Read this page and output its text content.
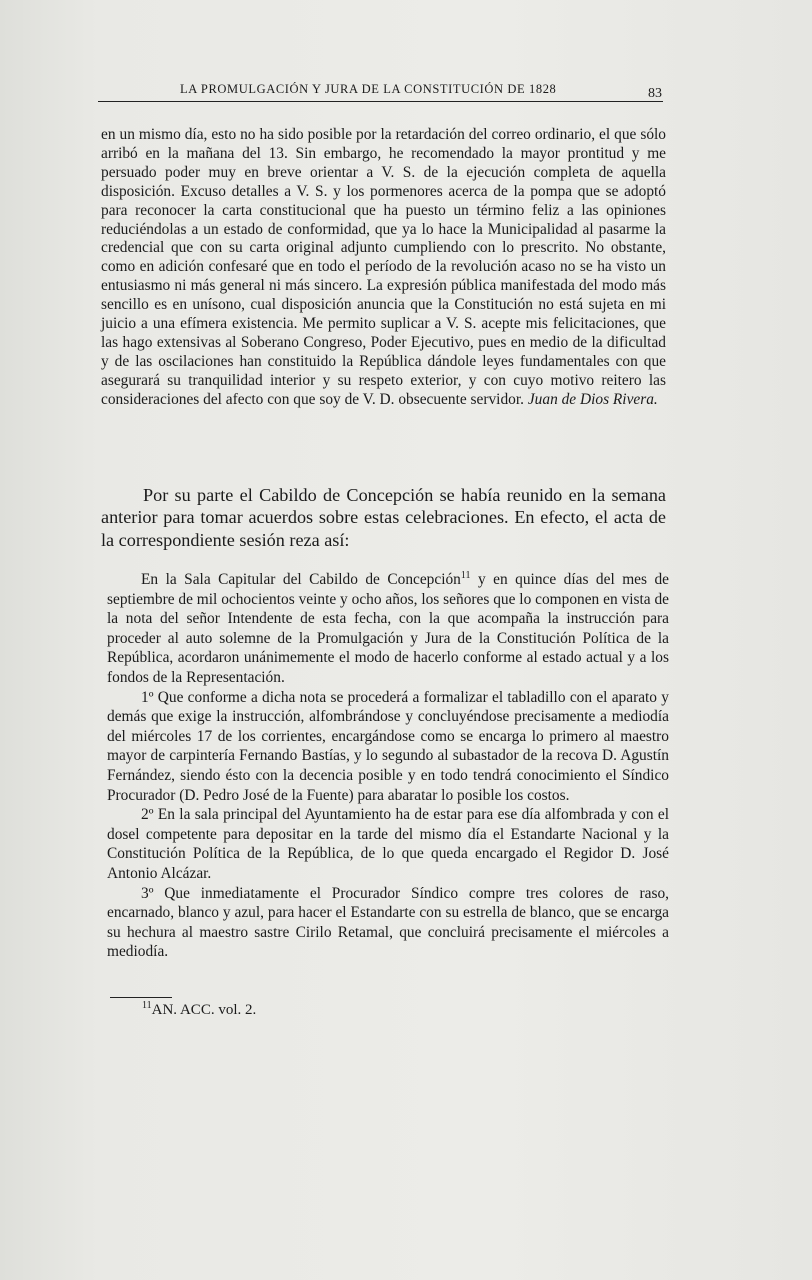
LA PROMULGACIÓN Y JURA DE LA CONSTITUCIÓN DE 1828	83

en un mismo día, esto no ha sido posible por la retardación del correo ordinario, el que sólo arribó en la mañana del 13. Sin embargo, he recomendado la mayor prontitud y me persuado poder muy en breve orientar a V. S. de la ejecución completa de aquella disposición. Excuso detalles a V. S. y los pormenores acerca de la pompa que se adoptó para reconocer la carta constitucional que ha puesto un término feliz a las opiniones reduciéndolas a un estado de conformidad, que ya lo hace la Municipalidad al pasarme la credencial que con su carta original adjunto cumpliendo con lo prescrito. No obstante, como en adición confesaré que en todo el período de la revolución acaso no se ha visto un entusiasmo ni más general ni más sincero. La expresión pública manifestada del modo más sencillo es en unísono, cual disposición anuncia que la Constitución no está sujeta en mi juicio a una efímera existencia. Me permito suplicar a V. S. acepte mis felicitaciones, que las hago extensivas al Soberano Congreso, Poder Ejecutivo, pues en medio de la dificultad y de las oscilaciones han constituido la República dándole leyes fundamentales con que asegurará su tranquilidad interior y su respeto exterior, y con cuyo motivo reitero las consideraciones del afecto con que soy de V. D. obsecuente servidor. Juan de Dios Rivera.

Por su parte el Cabildo de Concepción se había reunido en la semana anterior para tomar acuerdos sobre estas celebraciones. En efecto, el acta de la correspondiente sesión reza así:

En la Sala Capitular del Cabildo de Concepción$^{11}$ y en quince días del mes de septiembre de mil ochocientos veinte y ocho años, los señores que lo componen en vista de la nota del señor Intendente de esta fecha, con la que acompaña la instrucción para proceder al auto solemne de la Promulgación y Jura de la Constitución Política de la República, acordaron unánimemente el modo de hacerlo conforme al estado actual y a los fondos de la Representación.

1º Que conforme a dicha nota se procederá a formalizar el tabladillo con el aparato y demás que exige la instrucción, alfombrándose y concluyéndose precisamente a mediodía del miércoles 17 de los corrientes, encargándose como se encarga lo primero al maestro mayor de carpintería Fernando Bastías, y lo segundo al subastador de la recova D. Agustín Fernández, siendo ésto con la decencia posible y en todo tendrá conocimiento el Síndico Procurador (D. Pedro José de la Fuente) para abaratar lo posible los costos.

2º En la sala principal del Ayuntamiento ha de estar para ese día alfombrada y con el dosel competente para depositar en la tarde del mismo día el Estandarte Nacional y la Constitución Política de la República, de lo que queda encargado el Regidor D. José Antonio Alcázar.

3º Que inmediatamente el Procurador Síndico compre tres colores de raso, encarnado, blanco y azul, para hacer el Estandarte con su estrella de blanco, que se encarga su hechura al maestro sastre Cirilo Retamal, que concluirá precisamente el miércoles a mediodía.

$^{11}$AN. ACC. vol. 2.
